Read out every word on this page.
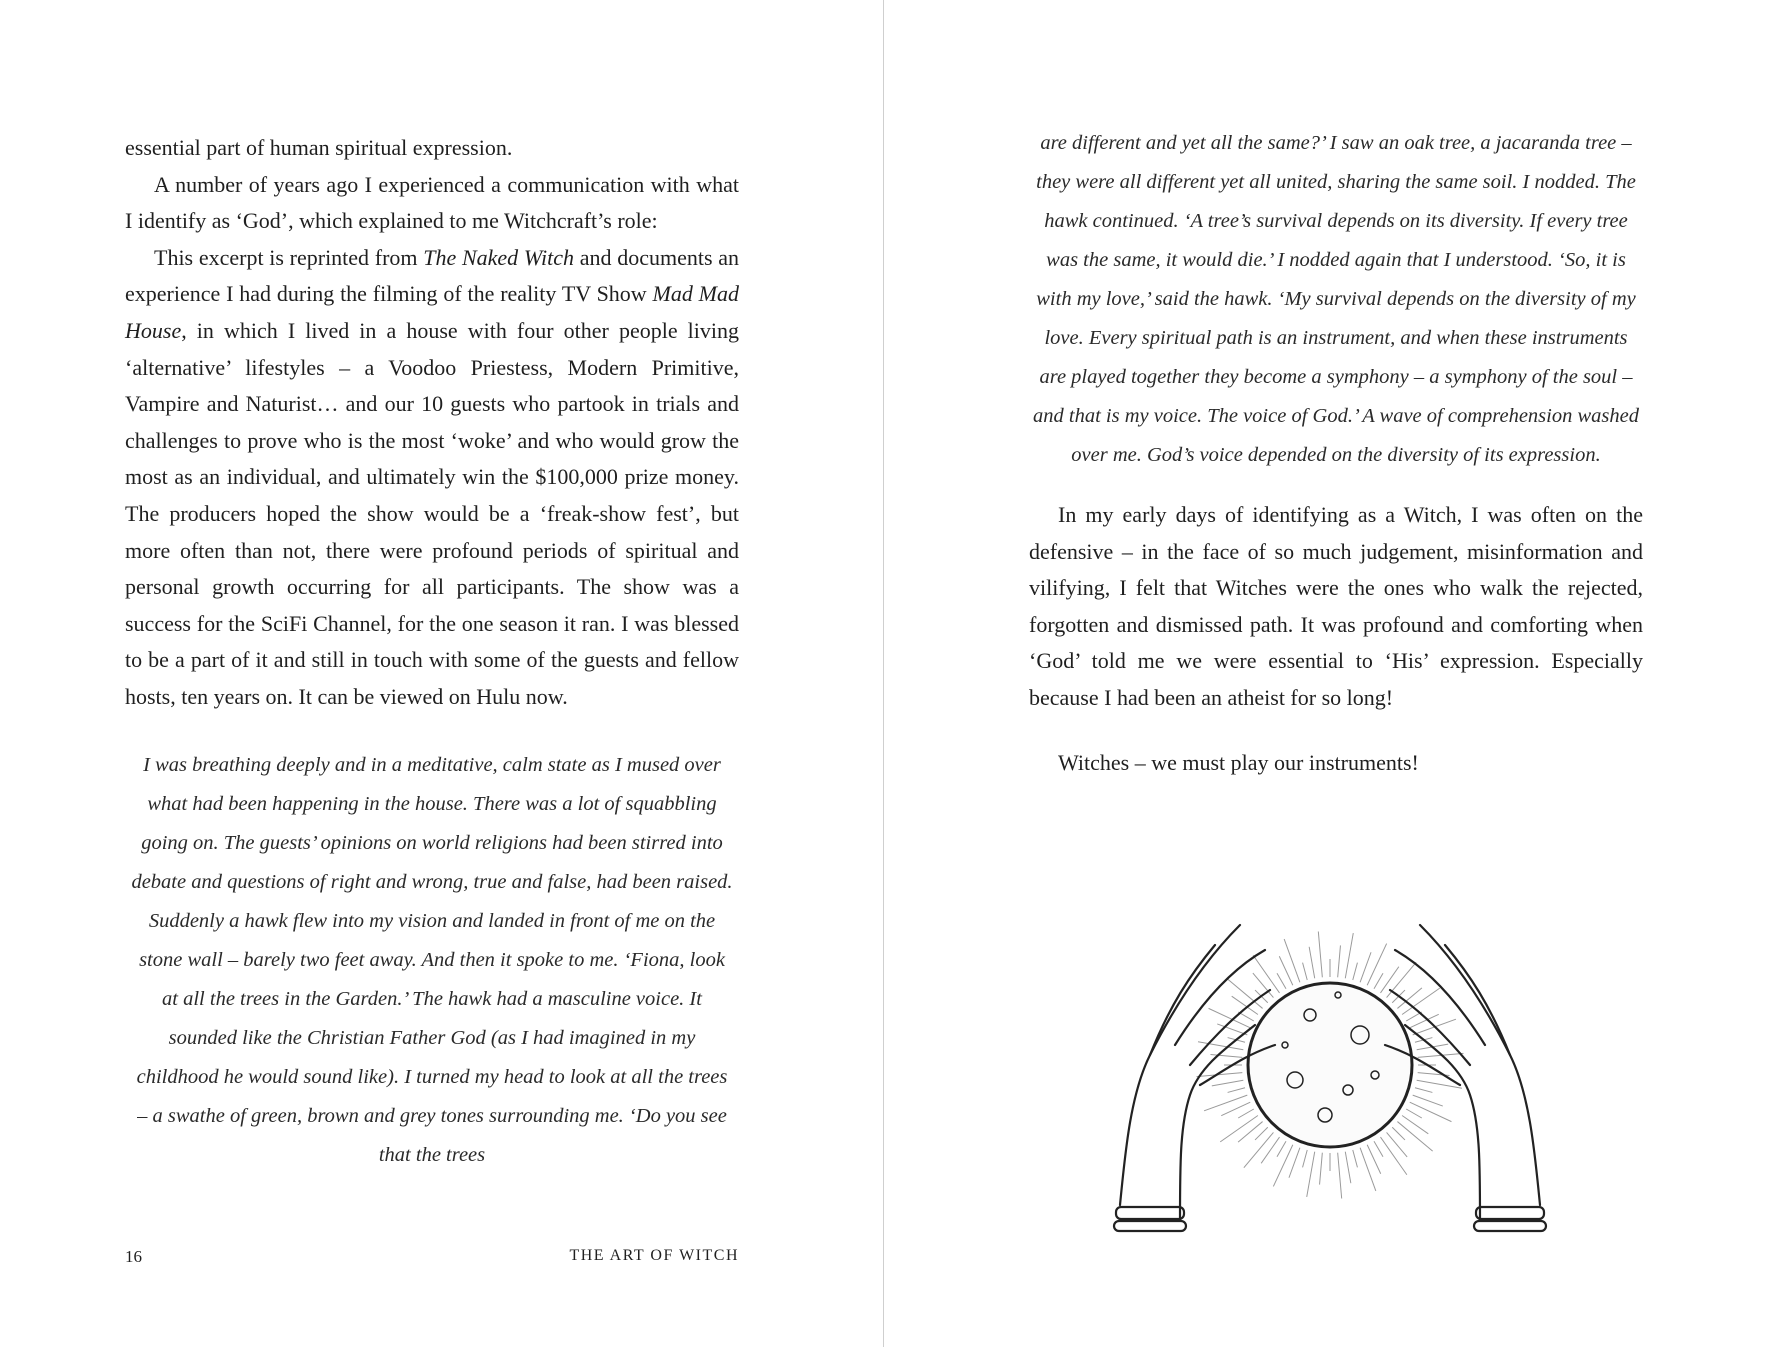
essential part of human spiritual expression.

A number of years ago I experienced a communication with what I identify as ‘God’, which explained to me Witchcraft’s role:

This excerpt is reprinted from The Naked Witch and documents an experience I had during the filming of the reality TV Show Mad Mad House, in which I lived in a house with four other people living ‘alternative’ lifestyles – a Voodoo Priestess, Modern Primitive, Vampire and Naturist… and our 10 guests who partook in trials and challenges to prove who is the most ‘woke’ and who would grow the most as an individual, and ultimately win the $100,000 prize money. The producers hoped the show would be a ‘freak-show fest’, but more often than not, there were profound periods of spiritual and personal growth occurring for all participants. The show was a success for the SciFi Channel, for the one season it ran. I was blessed to be a part of it and still in touch with some of the guests and fellow hosts, ten years on. It can be viewed on Hulu now.

I was breathing deeply and in a meditative, calm state as I mused over what had been happening in the house. There was a lot of squabbling going on. The guests’ opinions on world religions had been stirred into debate and questions of right and wrong, true and false, had been raised. Suddenly a hawk flew into my vision and landed in front of me on the stone wall – barely two feet away. And then it spoke to me. ‘Fiona, look at all the trees in the Garden.’ The hawk had a masculine voice. It sounded like the Christian Father God (as I had imagined in my childhood he would sound like). I turned my head to look at all the trees – a swathe of green, brown and grey tones surrounding me. ‘Do you see that the trees

16	THE ART OF WITCH

are different and yet all the same?’ I saw an oak tree, a jacaranda tree – they were all different yet all united, sharing the same soil. I nodded. The hawk continued. ‘A tree’s survival depends on its diversity. If every tree was the same, it would die.’ I nodded again that I understood. ‘So, it is with my love,’ said the hawk. ‘My survival depends on the diversity of my love. Every spiritual path is an instrument, and when these instruments are played together they become a symphony – a symphony of the soul – and that is my voice. The voice of God.’ A wave of comprehension washed over me. God’s voice depended on the diversity of its expression.

In my early days of identifying as a Witch, I was often on the defensive – in the face of so much judgement, misinformation and vilifying, I felt that Witches were the ones who walk the rejected, forgotten and dismissed path. It was profound and comforting when ‘God’ told me we were essential to ‘His’ expression. Especially because I had been an atheist for so long!

Witches – we must play our instruments!
